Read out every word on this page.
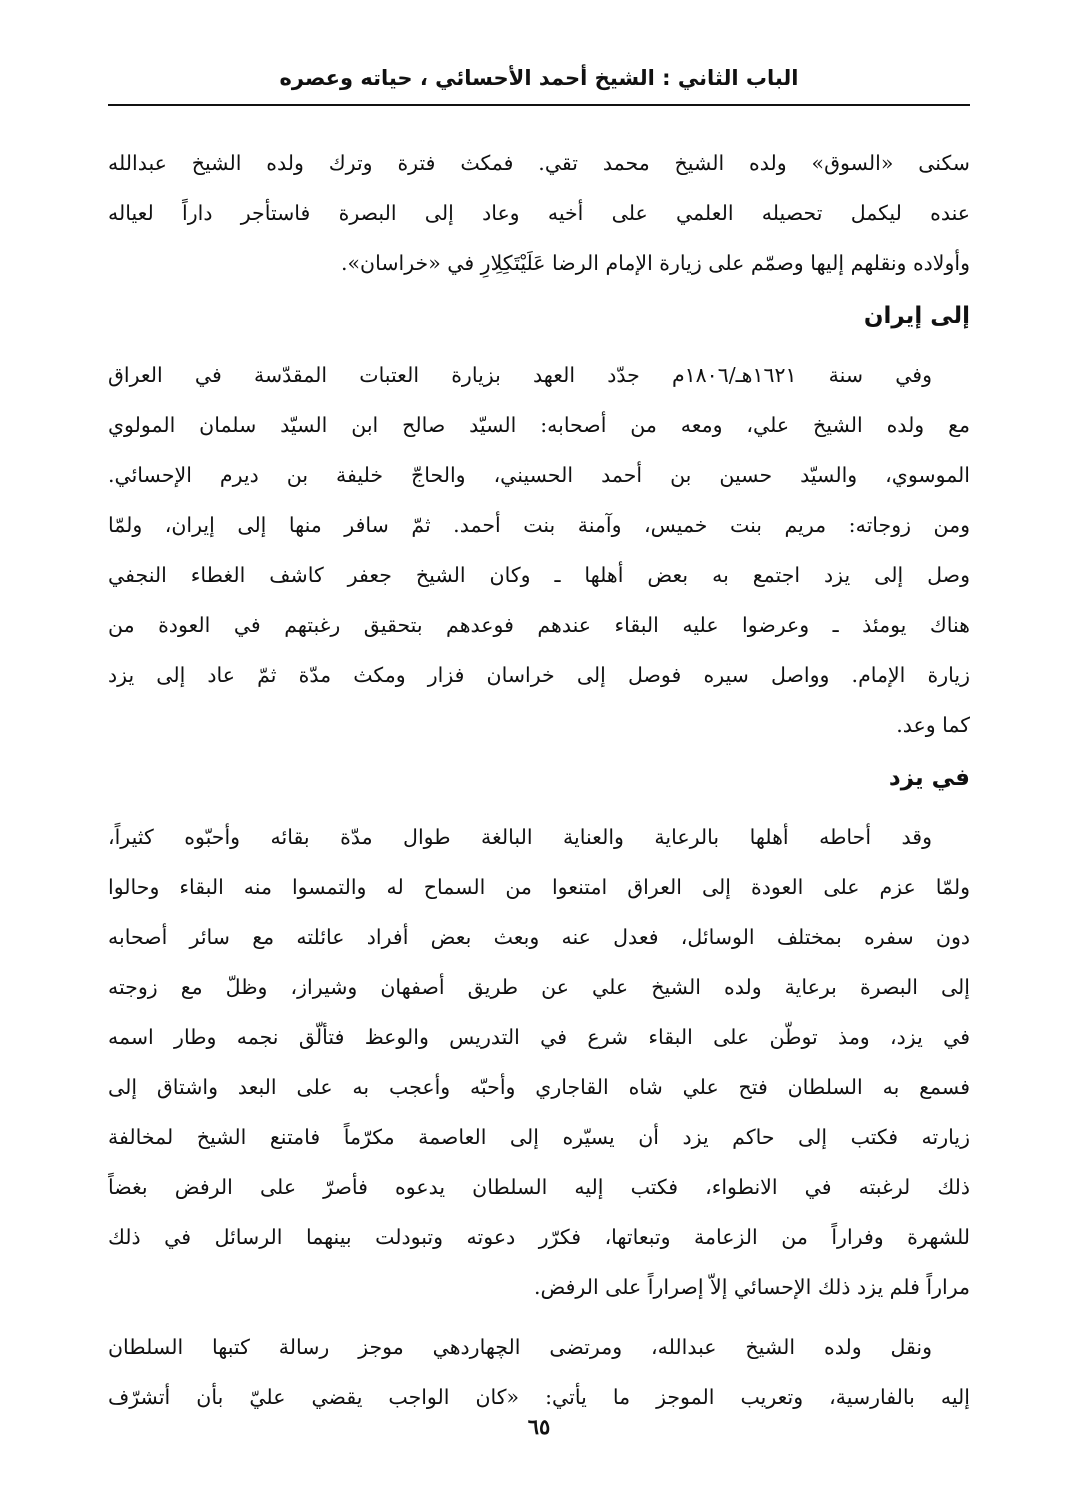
الباب الثاني : الشيخ أحمد الأحسائي ، حياته وعصره
سكنى «السوق» ولده الشيخ محمد تقي. فمكث فترة وترك ولده الشيخ عبدالله
عنده ليكمل تحصيله العلمي على أخيه وعاد إلى البصرة فاستأجر داراً لعياله
وأولاده ونقلهم إليها وصمّم على زيارة الإمام الرضا عَلَيْتَكِلِارِ في «خراسان».
إلى إيران
وفي سنة ١٦٢١هـ/١٨٠٦م جدّد العهد بزيارة العتبات المقدّسة في العراق
مع ولده الشيخ علي، ومعه من أصحابه: السيّد صالح ابن السيّد سلمان المولوي
الموسوي، والسيّد حسين بن أحمد الحسيني، والحاجّ خليفة بن ديرم الإحسائي.
ومن زوجاته: مريم بنت خميس، وآمنة بنت أحمد. ثمّ سافر منها إلى إيران، ولمّا
وصل إلى يزد اجتمع به بعض أهلها ـ وكان الشيخ جعفر كاشف الغطاء النجفي
هناك يومئذ ـ وعرضوا عليه البقاء عندهم فوعدهم بتحقيق رغبتهم في العودة من
زيارة الإمام. وواصل سيره فوصل إلى خراسان فزار ومكث مدّة ثمّ عاد إلى يزد
كما وعد.
في يزد
وقد أحاطه أهلها بالرعاية والعناية البالغة طوال مدّة بقائه وأحبّوه كثيراً،
ولمّا عزم على العودة إلى العراق امتنعوا من السماح له والتمسوا منه البقاء وحالوا
دون سفره بمختلف الوسائل، فعدل عنه وبعث بعض أفراد عائلته مع سائر أصحابه
إلى البصرة برعاية ولده الشيخ علي عن طريق أصفهان وشيراز، وظلّ مع زوجته
في يزد، ومذ توطّن على البقاء شرع في التدريس والوعظ فتألّق نجمه وطار اسمه
فسمع به السلطان فتح علي شاه القاجاري وأحبّه وأعجب به على البعد واشتاق إلى
زيارته فكتب إلى حاكم يزد أن يسيّره إلى العاصمة مكرّماً فامتنع الشيخ لمخالفة
ذلك لرغبته في الانطواء، فكتب إليه السلطان يدعوه فأصرّ على الرفض بغضاً
للشهرة وفراراً من الزعامة وتبعاتها، فكرّر دعوته وتبودلت بينهما الرسائل في ذلك
مراراً فلم يزد ذلك الإحسائي إلاّ إصراراً على الرفض.
ونقل ولده الشيخ عبدالله، ومرتضى الچهاردهي موجز رسالة كتبها السلطان
إليه بالفارسية، وتعريب الموجز ما يأتي: «كان الواجب يقضي عليّ بأن أتشرّف
٦٥
